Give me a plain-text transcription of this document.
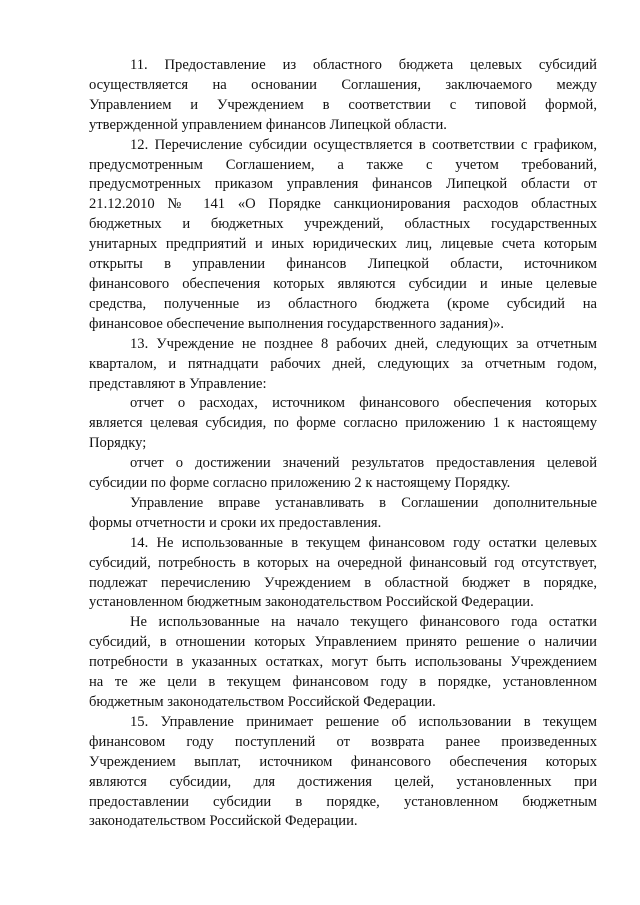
11. Предоставление из областного бюджета целевых субсидий
осуществляется на основании Соглашения, заключаемого между
Управлением и Учреждением в соответствии с типовой формой,
утвержденной управлением финансов Липецкой области.
12. Перечисление субсидии осуществляется в соответствии с графиком,
предусмотренным Соглашением, а также с учетом требований,
предусмотренных приказом управления финансов Липецкой области от
21.12.2010 № 141 «О Порядке санкционирования расходов областных
бюджетных и бюджетных учреждений, областных государственных
унитарных предприятий и иных юридических лиц, лицевые счета которым
открыты в управлении финансов Липецкой области, источником
финансового обеспечения которых являются субсидии и иные целевые
средства, полученные из областного бюджета (кроме субсидий на
финансовое обеспечение выполнения государственного задания)».
13. Учреждение не позднее 8 рабочих дней, следующих за отчетным
кварталом, и пятнадцати рабочих дней, следующих за отчетным годом,
представляют в Управление:
отчет о расходах, источником финансового обеспечения которых
является целевая субсидия, по форме согласно приложению 1 к настоящему
Порядку;
отчет о достижении значений результатов предоставления целевой
субсидии по форме согласно приложению 2 к настоящему Порядку.
Управление вправе устанавливать в Соглашении дополнительные
формы отчетности и сроки их предоставления.
14. Не использованные в текущем финансовом году остатки целевых
субсидий, потребность в которых на очередной финансовый год отсутствует,
подлежат перечислению Учреждением в областной бюджет в порядке,
установленном бюджетным законодательством Российской Федерации.
Не использованные на начало текущего финансового года остатки
субсидий, в отношении которых Управлением принято решение о наличии
потребности в указанных остатках, могут быть использованы Учреждением
на те же цели в текущем финансовом году в порядке, установленном
бюджетным законодательством Российской Федерации.
15. Управление принимает решение об использовании в текущем
финансовом году поступлений от возврата ранее произведенных
Учреждением выплат, источником финансового обеспечения которых
являются субсидии, для достижения целей, установленных при
предоставлении субсидии в порядке, установленном бюджетным
законодательством Российской Федерации.
